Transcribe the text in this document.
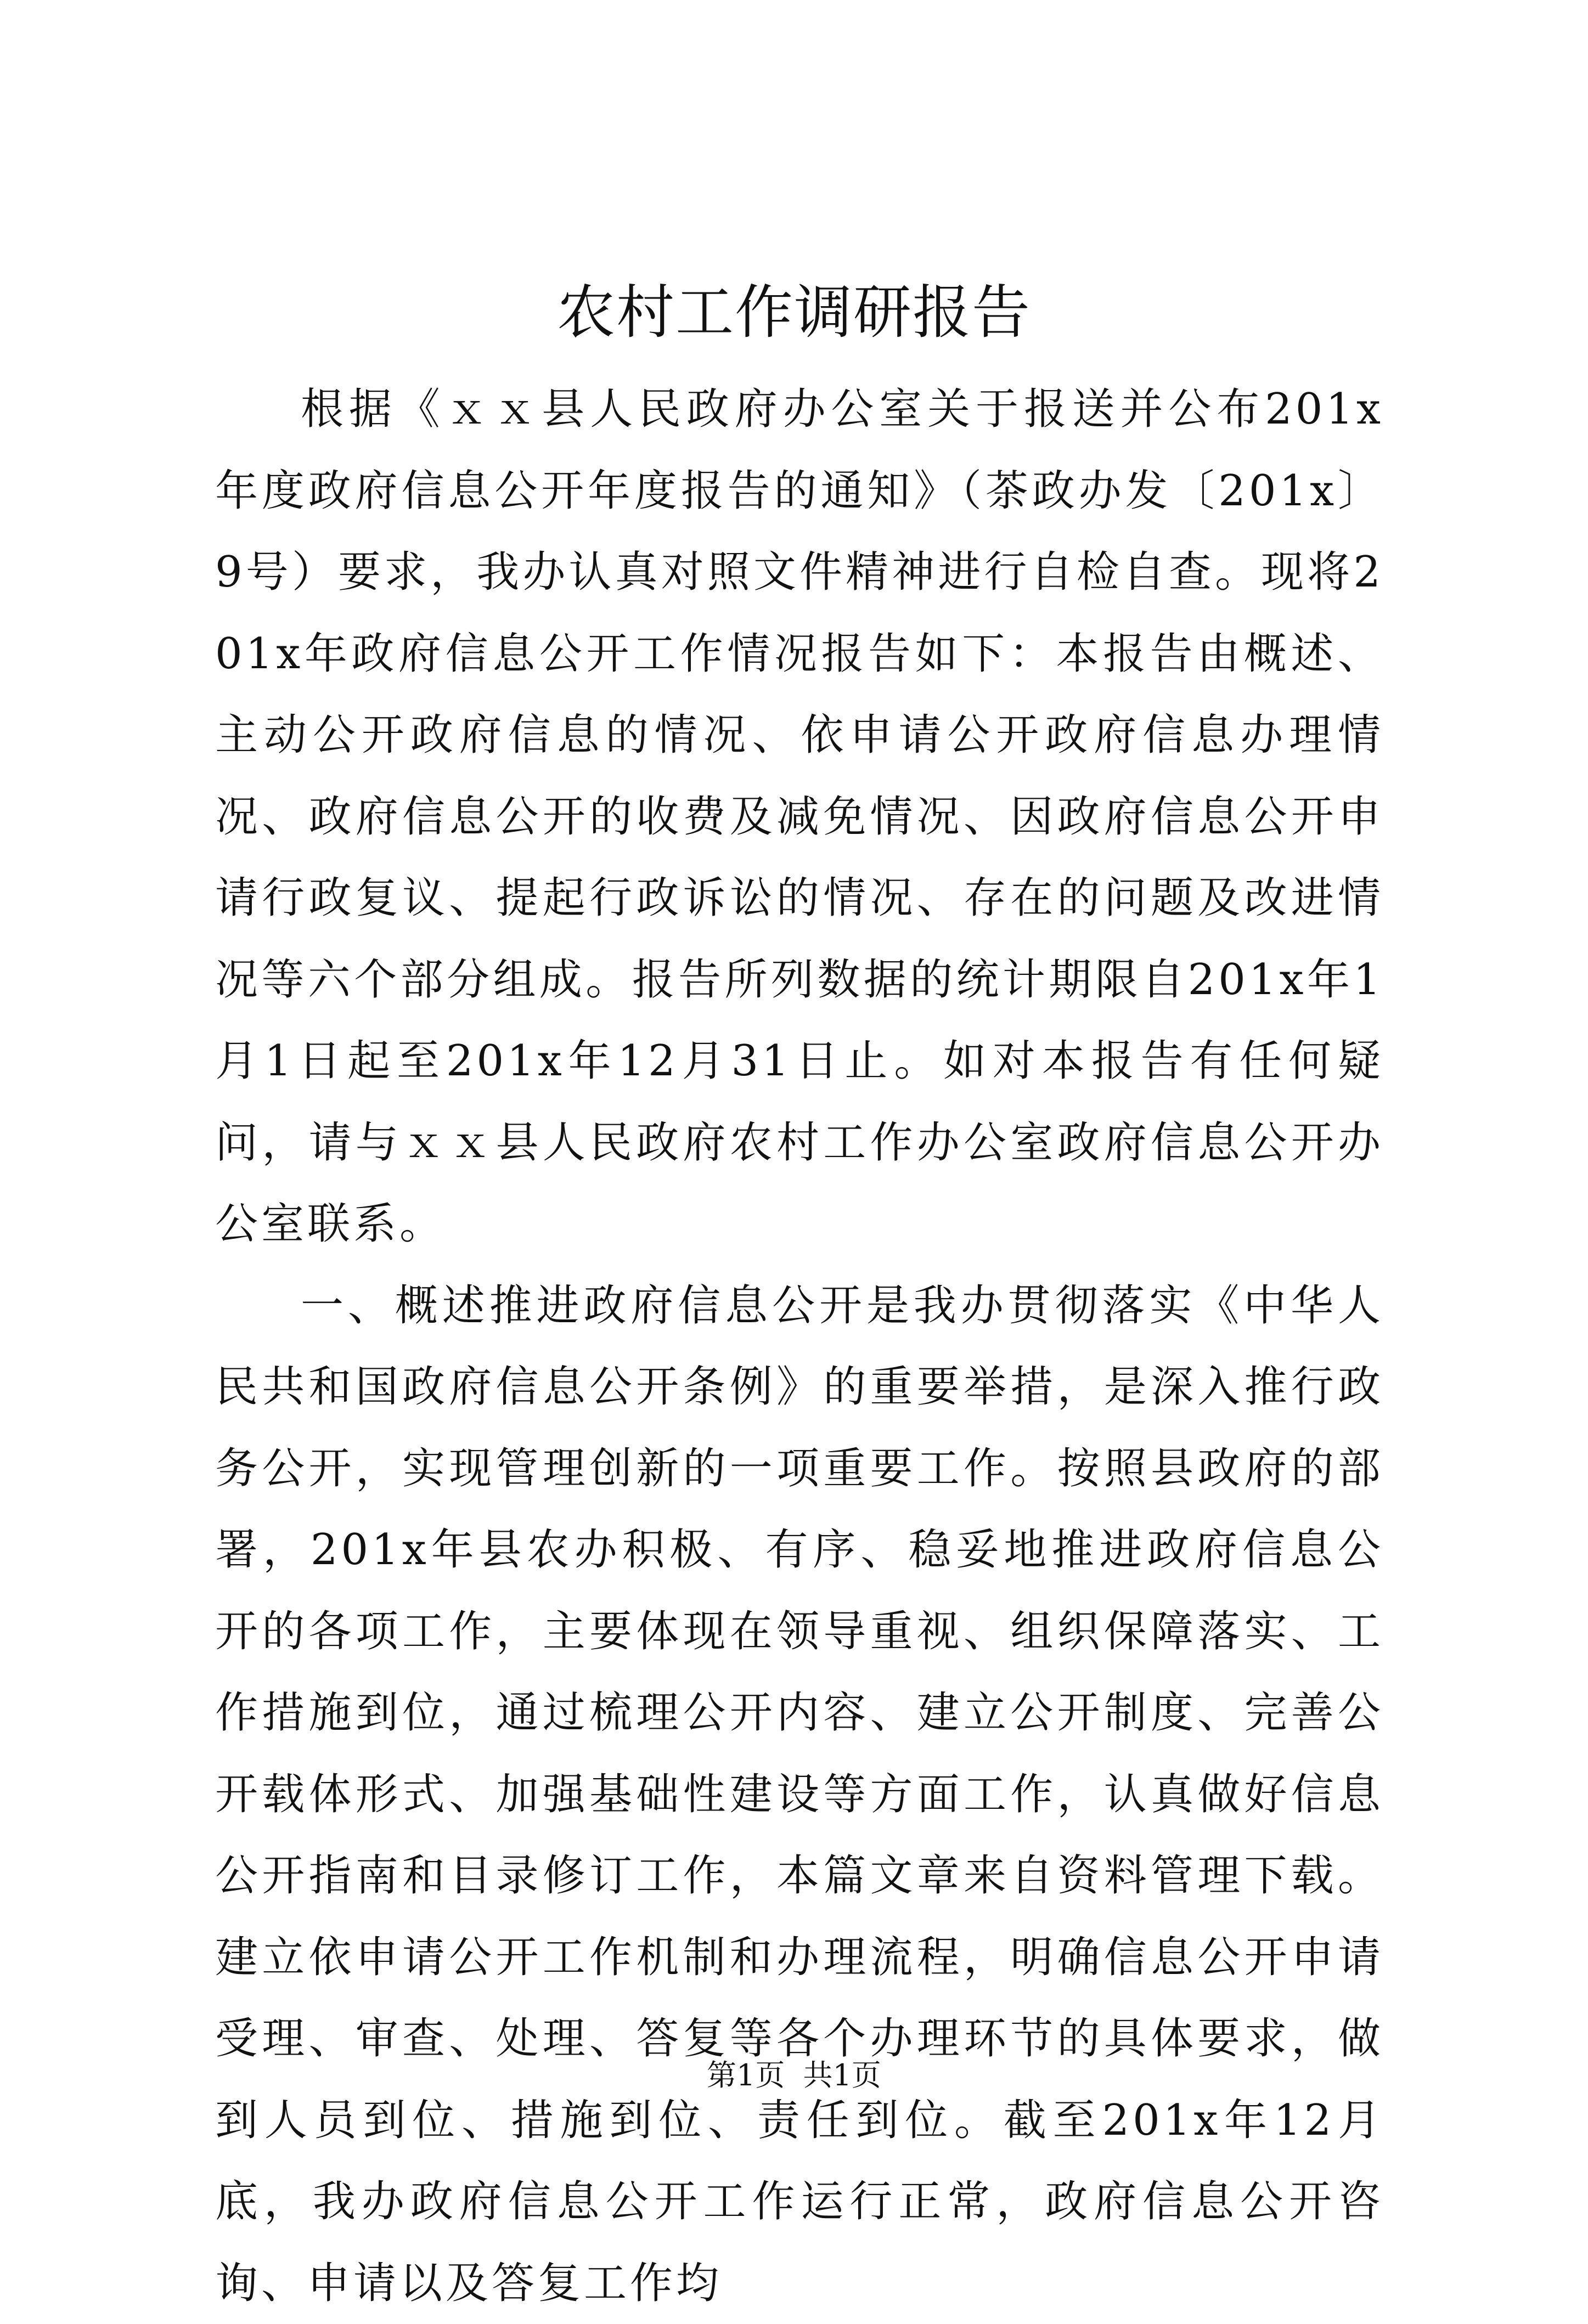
农村工作调研报告

根据《ｘｘ县人民政府办公室关于报送并公布201x年度政府信息公开年度报告的通知》（茶政办发〔201x〕9号）要求，我办认真对照文件精神进行自检自查。现将201x年政府信息公开工作情况报告如下：本报告由概述、主动公开政府信息的情况、依申请公开政府信息办理情况、政府信息公开的收费及减免情况、因政府信息公开申请行政复议、提起行政诉讼的情况、存在的问题及改进情况等六个部分组成。报告所列数据的统计期限自201x年1月1日起至201x年12月31日止。如对本报告有任何疑问，请与ｘｘ县人民政府农村工作办公室政府信息公开办公室联系。

一、概述推进政府信息公开是我办贯彻落实《中华人民共和国政府信息公开条例》的重要举措，是深入推行政务公开，实现管理创新的一项重要工作。按照县政府的部署，201x年县农办积极、有序、稳妥地推进政府信息公开的各项工作，主要体现在领导重视、组织保障落实、工作措施到位，通过梳理公开内容、建立公开制度、完善公开载体形式、加强基础性建设等方面工作，认真做好信息公开指南和目录修订工作，本篇文章来自资料管理下载。建立依申请公开工作机制和办理流程，明确信息公开申请受理、审查、处理、答复等各个办理环节的具体要求，做到人员到位、措施到位、责任到位。截至201x年12月底，我办政府信息公开工作运行正常，政府信息公开咨询、申请以及答复工作均

第1页 共1页
